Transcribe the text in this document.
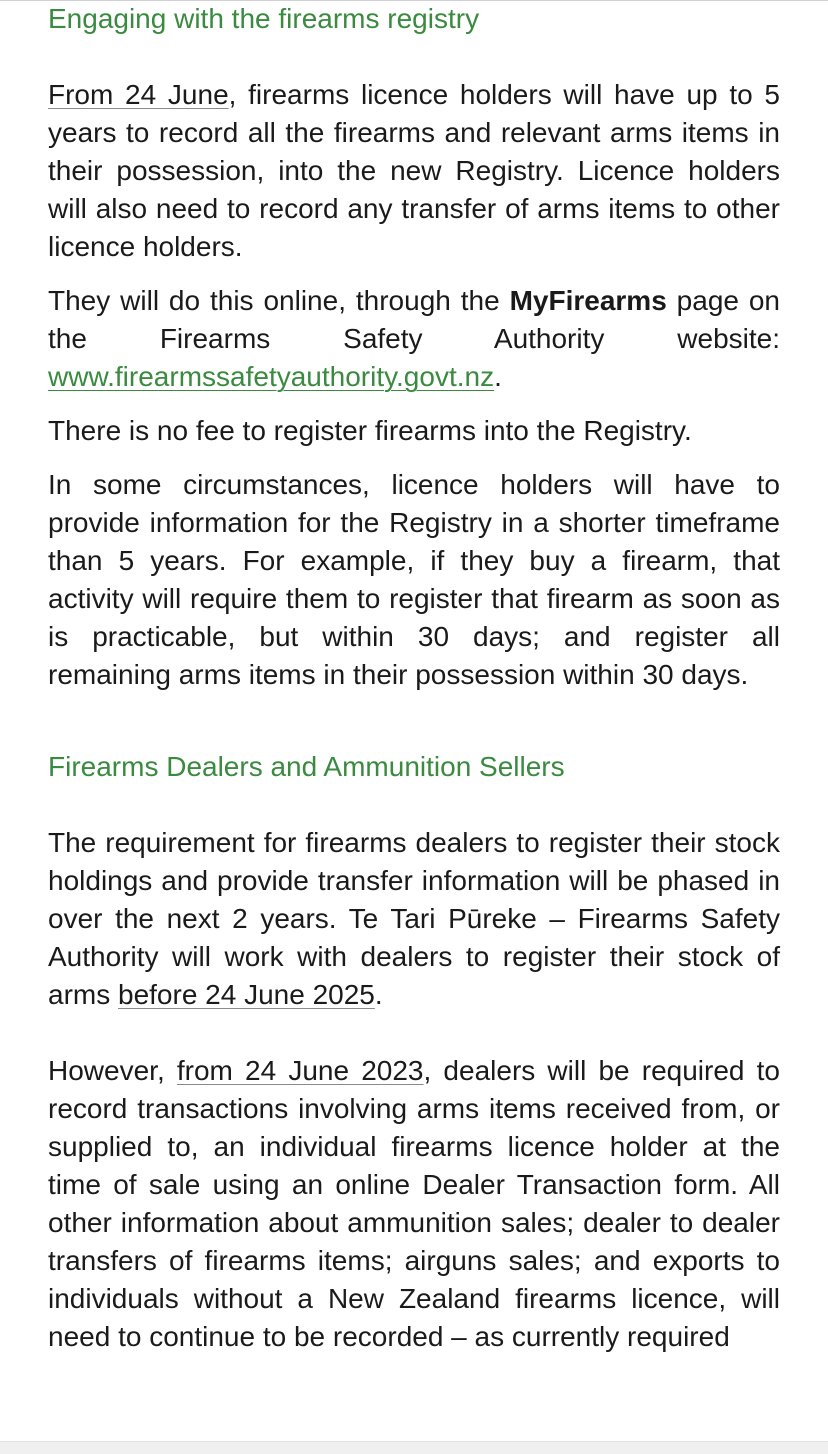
Engaging with the firearms registry

From 24 June, firearms licence holders will have up to 5 years to record all the firearms and relevant arms items in their possession, into the new Registry. Licence holders will also need to record any transfer of arms items to other licence holders.

They will do this online, through the MyFirearms page on the Firearms Safety Authority website: www.firearmssafetyauthority.govt.nz.

There is no fee to register firearms into the Registry.

In some circumstances, licence holders will have to provide information for the Registry in a shorter timeframe than 5 years. For example, if they buy a firearm, that activity will require them to register that firearm as soon as is practicable, but within 30 days; and register all remaining arms items in their possession within 30 days.

Firearms Dealers and Ammunition Sellers

The requirement for firearms dealers to register their stock holdings and provide transfer information will be phased in over the next 2 years. Te Tari Pūreke – Firearms Safety Authority will work with dealers to register their stock of arms before 24 June 2025.

However, from 24 June 2023, dealers will be required to record transactions involving arms items received from, or supplied to, an individual firearms licence holder at the time of sale using an online Dealer Transaction form. All other information about ammunition sales; dealer to dealer transfers of firearms items; airguns sales; and exports to individuals without a New Zealand firearms licence, will need to continue to be recorded – as currently required
